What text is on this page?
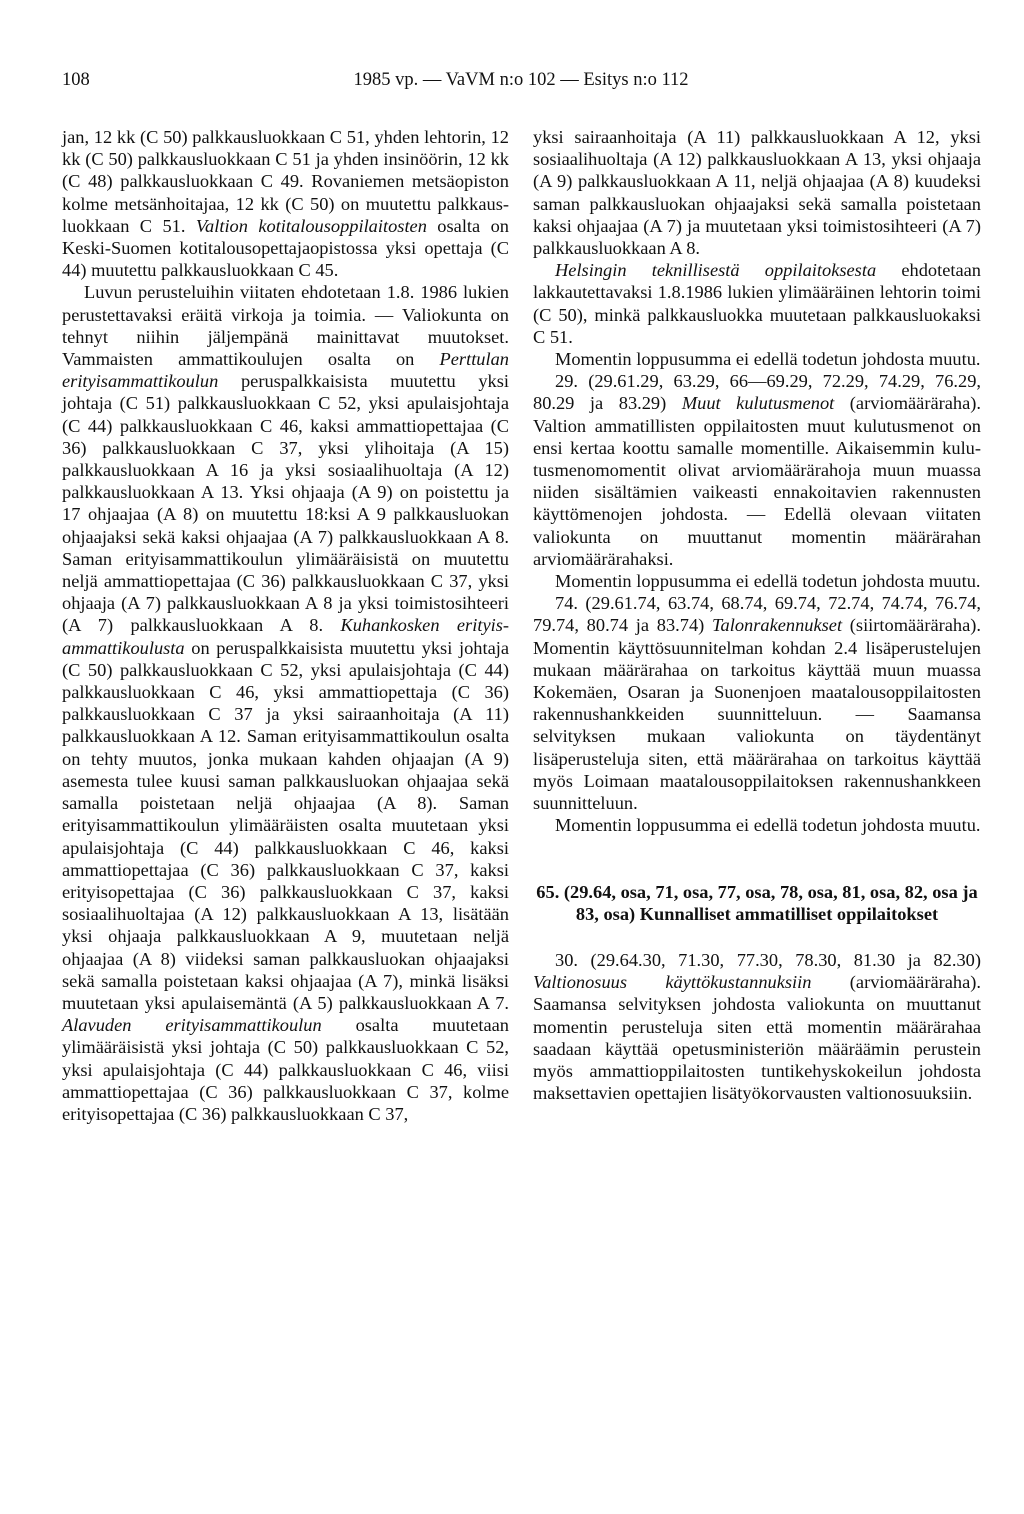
108	1985 vp. — VaVM n:o 102 — Esitys n:o 112

jan, 12 kk (C 50) palkkausluokkaan C 51, yhden lehtorin, 12 kk (C 50) palkkausluokkaan C 51 ja yhden insinöörin, 12 kk (C 48) palkkausluokkaan C 49. Rovaniemen metsäopiston kolme metsänhoitajaa, 12 kk (C 50) on muutettu palkkausluokkaan C 51. Valtion kotitalousoppilaitosten osalta on Keski-Suomen kotitalousopettajaopistossa yksi opettaja (C 44) muutettu palkkausluokkaan C 45.

Luvun perusteluihin viitaten ehdotetaan 1.8. 1986 lukien perustettavaksi eräitä virkoja ja toimia. — Valiokunta on tehnyt niihin jäljempänä mainittavat muutokset. Vammaisten ammattikoulujen osalta on Perttulan erityisammattikoulun peruspalkkaisista muutettu yksi johtaja (C 51) palkkausluokkaan C 52, yksi apulaisjohtaja (C 44) palkkausluokkaan C 46, kaksi ammattiopettajaa (C 36) palkkausluokkaan C 37, yksi ylihoitaja (A 15) palkkausluokkaan A 16 ja yksi sosiaalihuoltaja (A 12) palkkausluokkaan A 13. Yksi ohjaaja (A 9) on poistettu ja 17 ohjaajaa (A 8) on muutettu 18:ksi A 9 palkkausluokan ohjaajaksi sekä kaksi ohjaajaa (A 7) palkkausluokkaan A 8. Saman erityisammattikoulun ylimääräisistä on muutettu neljä ammattiopettajaa (C 36) palkkausluokkaan C 37, yksi ohjaaja (A 7) palkkausluokkaan A 8 ja yksi toimistosihteeri (A 7) palkkausluokkaan A 8. Kuhankosken erityisammattikoulusta on peruspalkkaisista muutettu yksi johtaja (C 50) palkkausluokkaan C 52, yksi apulaisjohtaja (C 44) palkkausluokkaan C 46, yksi ammattiopettaja (C 36) palkkausluokkaan C 37 ja yksi sairaanhoitaja (A 11) palkkausluokkaan A 12. Saman erityisammattikoulun osalta on tehty muutos, jonka mukaan kahden ohjaajan (A 9) asemesta tulee kuusi saman palkkausluokan ohjaajaa sekä samalla poistetaan neljä ohjaajaa (A 8). Saman erityisammattikoulun ylimääräisten osalta muutetaan yksi apulaisjohtaja (C 44) palkkausluokkaan C 46, kaksi ammattiopettajaa (C 36) palkkausluokkaan C 37, kaksi erityisopettajaa (C 36) palkkausluokkaan C 37, kaksi sosiaalihuoltajaa (A 12) palkkausluokkaan A 13, lisätään yksi ohjaaja palkkausluokkaan A 9, muutetaan neljä ohjaajaa (A 8) viideksi saman palkkausluokan ohjaajaksi sekä samalla poistetaan kaksi ohjaajaa (A 7), minkä lisäksi muutetaan yksi apulaisemäntä (A 5) palkkausluokkaan A 7. Alavuden erityisammattikoulun osalta muutetaan ylimääräisistä yksi johtaja (C 50) palkkausluokkaan C 52, yksi apulaisjohtaja (C 44) palkkausluokkaan C 46, viisi ammattiopettajaa (C 36) palkkausluokkaan C 37, kolme erityisopettajaa (C 36) palkkausluokkaan C 37,

yksi sairaanhoitaja (A 11) palkkausluokkaan A 12, yksi sosiaalihuoltaja (A 12) palkkausluokkaan A 13, yksi ohjaaja (A 9) palkkausluokkaan A 11, neljä ohjaajaa (A 8) kuudeksi saman palkkausluokan ohjaajaksi sekä samalla poistetaan kaksi ohjaajaa (A 7) ja muutetaan yksi toimistosihteeri (A 7) palkkausluokkaan A 8.

Helsingin teknillisestä oppilaitoksesta ehdotetaan lakkautettavaksi 1.8.1986 lukien ylimääräinen lehtorin toimi (C 50), minkä palkkausluokka muutetaan palkkausluokaksi C 51.

Momentin loppusumma ei edellä todetun johdosta muutu.

29. (29.61.29, 63.29, 66—69.29, 72.29, 74.29, 76.29, 80.29 ja 83.29) Muut kulutusmenot (arviomääräraha). Valtion ammatillisten oppilaitosten muut kulutusmenot on ensi kertaa koottu samalle momentille. Aikaisemmin kulutusmenomomentit olivat arviomäärärahoja muun muassa niiden sisältämien vaikeasti ennakoitavien rakennusten käyttömenojen johdosta. — Edellä olevaan viitaten valiokunta on muuttanut momentin määrärahan arviomäärärahaksi.

Momentin loppusumma ei edellä todetun johdosta muutu.

74. (29.61.74, 63.74, 68.74, 69.74, 72.74, 74.74, 76.74, 79.74, 80.74 ja 83.74) Talonrakennukset (siirtomääräraha). Momentin käyttösuunnitelman kohdan 2.4 lisäperustelujen mukaan määrärahaa on tarkoitus käyttää muun muassa Kokemäen, Osaran ja Suonenjoen maatalousoppilaitosten rakennushankkeiden suunnitteluun. — Saamansa selvityksen mukaan valiokunta on täydentänyt lisäperusteluja siten, että määrärahaa on tarkoitus käyttää myös Loimaan maatalousoppilaitoksen rakennushankkeen suunnitteluun.

Momentin loppusumma ei edellä todetun johdosta muutu.

65. (29.64, osa, 71, osa, 77, osa, 78, osa, 81, osa, 82, osa ja 83, osa) Kunnalliset ammatilliset oppilaitokset

30. (29.64.30, 71.30, 77.30, 78.30, 81.30 ja 82.30) Valtionosuus käyttökustannuksiin (arviomääräraha). Saamansa selvityksen johdosta valiokunta on muuttanut momentin perusteluja siten että momentin määrärahaa saadaan käyttää opetusministeriön määräämin perustein myös ammattioppilaitosten tuntikehyskokeilun johdosta maksettavien opettajien lisätyökorvausten valtionosuuksiin.
